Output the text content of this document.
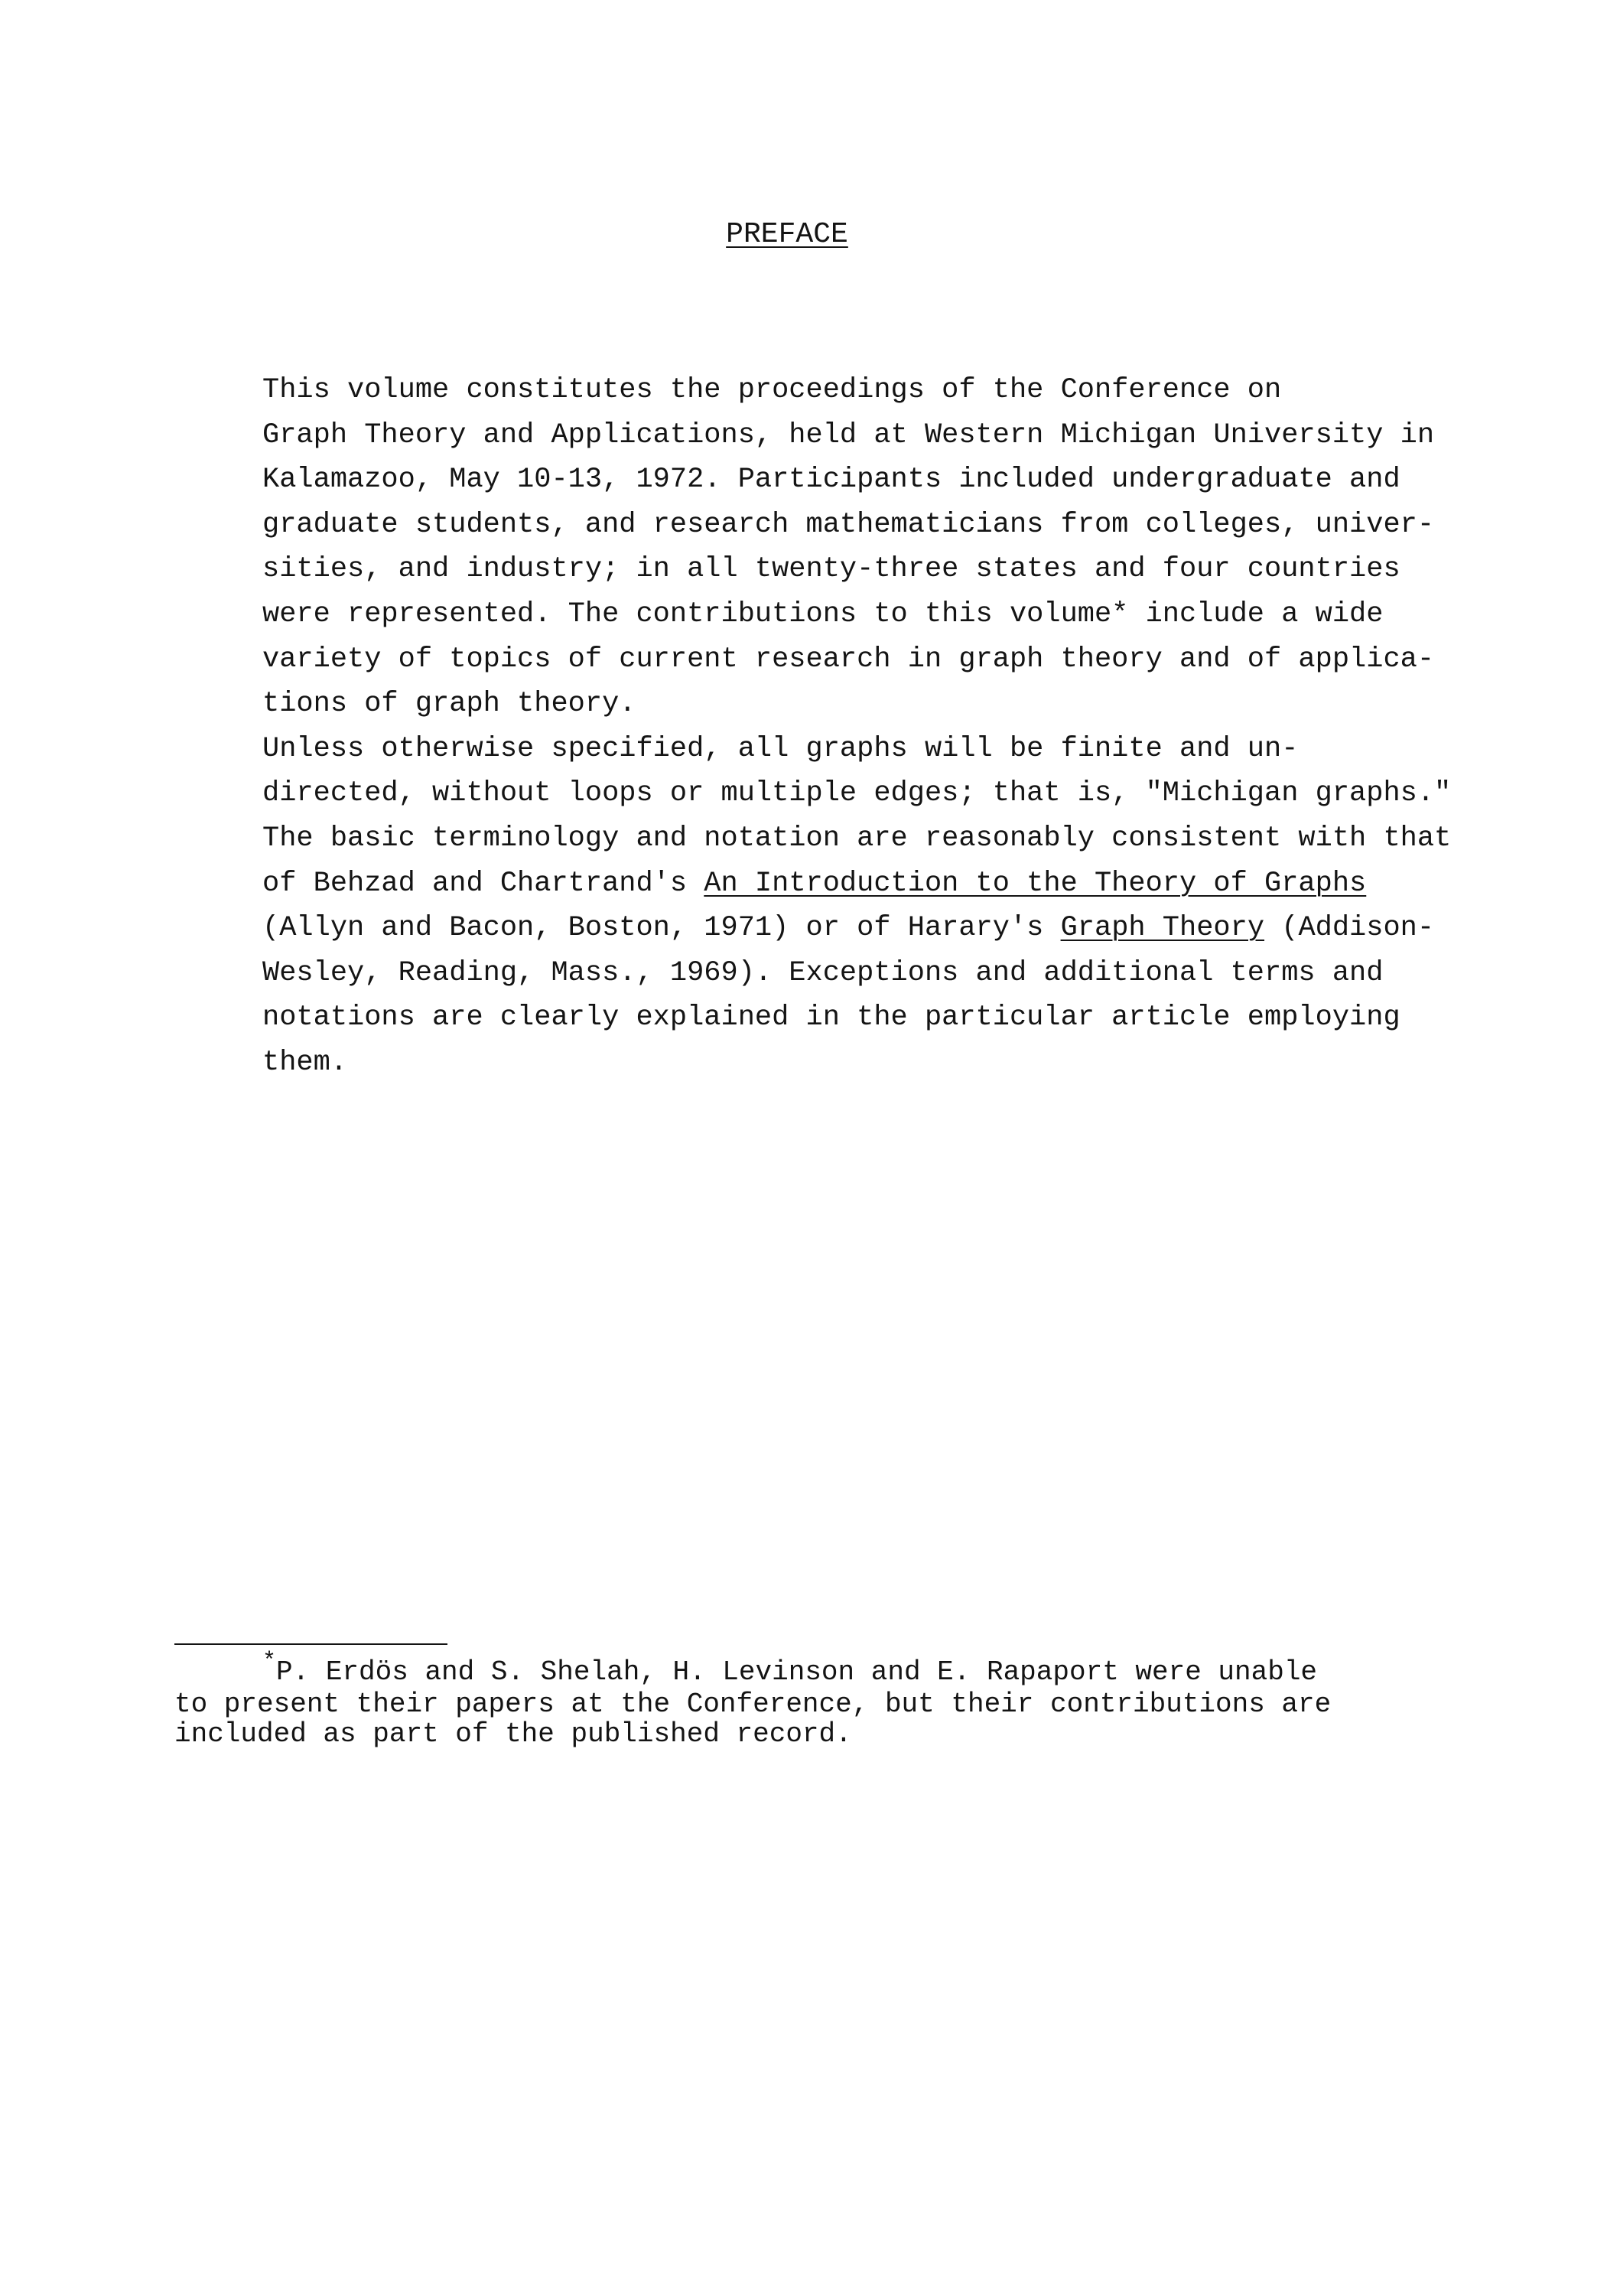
PREFACE

This volume constitutes the proceedings of the Conference on
Graph Theory and Applications, held at Western Michigan University in
Kalamazoo, May 10-13, 1972. Participants included undergraduate and
graduate students, and research mathematicians from colleges, univer-
sities, and industry; in all twenty-three states and four countries
were represented. The contributions to this volume* include a wide
variety of topics of current research in graph theory and of applica-
tions of graph theory.

Unless otherwise specified, all graphs will be finite and un-
directed, without loops or multiple edges; that is, "Michigan graphs."
The basic terminology and notation are reasonably consistent with that
of Behzad and Chartrand's An Introduction to the Theory of Graphs
(Allyn and Bacon, Boston, 1971) or of Harary's Graph Theory (Addison-
Wesley, Reading, Mass., 1969). Exceptions and additional terms and
notations are clearly explained in the particular article employing
them.

*P. Erdös and S. Shelah, H. Levinson and E. Rapaport were unable

to present their papers at the Conference, but their contributions are

included as part of the published record.
